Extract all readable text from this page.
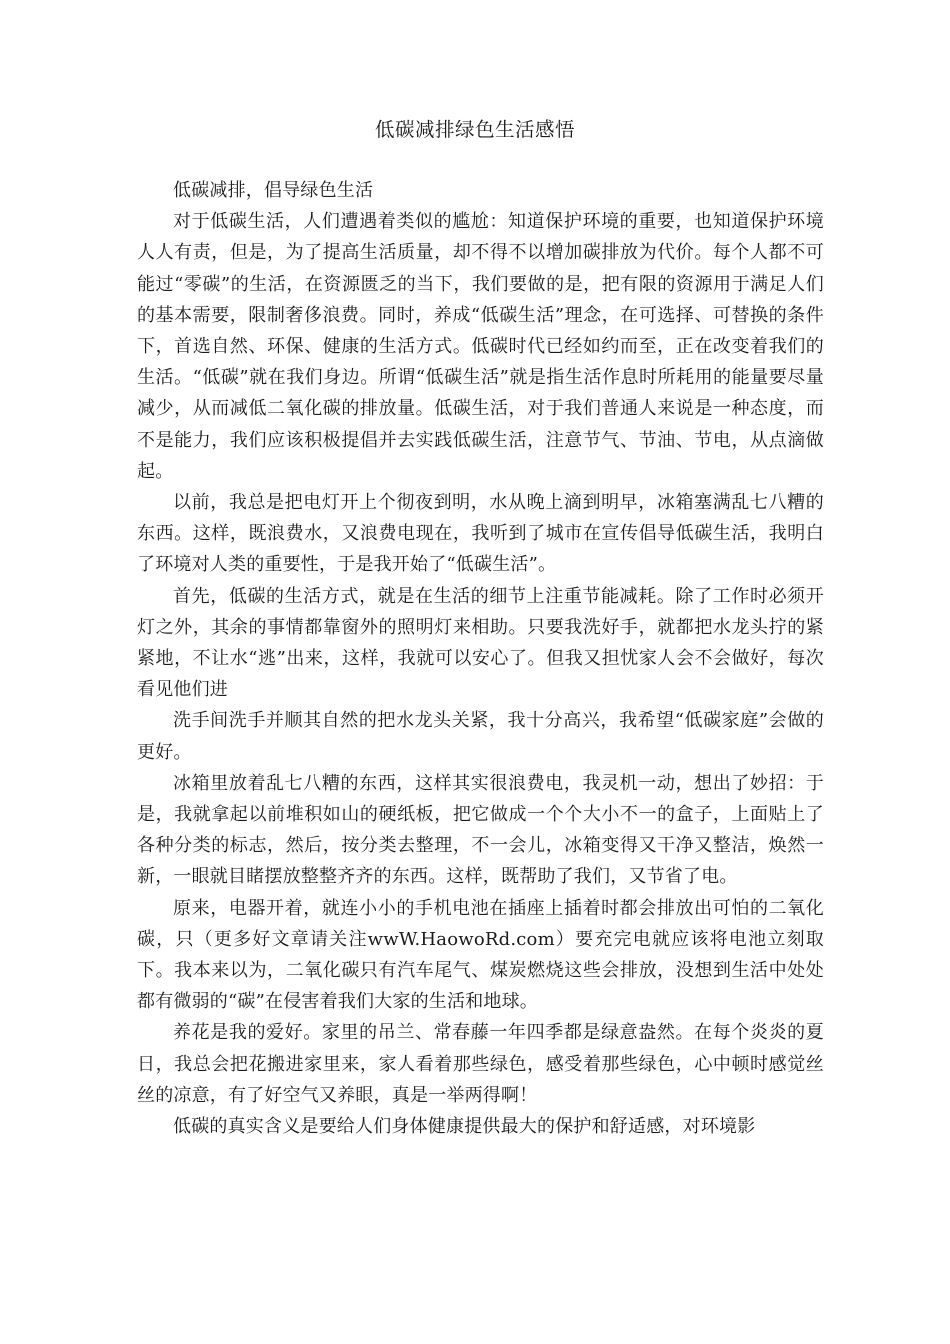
低碳减排绿色生活感悟

低碳减排，倡导绿色生活

对于低碳生活，人们遭遇着类似的尴尬：知道保护环境的重要，也知道保护环境人人有责，但是，为了提高生活质量，却不得不以增加碳排放为代价。每个人都不可能过“零碳”的生活，在资源匮乏的当下，我们要做的是，把有限的资源用于满足人们的基本需要，限制奢侈浪费。同时，养成“低碳生活”理念，在可选择、可替换的条件下，首选自然、环保、健康的生活方式。低碳时代已经如约而至，正在改变着我们的生活。“低碳”就在我们身边。所谓“低碳生活”就是指生活作息时所耗用的能量要尽量减少，从而减低二氧化碳的排放量。低碳生活，对于我们普通人来说是一种态度，而不是能力，我们应该积极提倡并去实践低碳生活，注意节气、节油、节电，从点滴做起。

以前，我总是把电灯开上个彻夜到明，水从晚上滴到明早，冰箱塞满乱七八糟的东西。这样，既浪费水，又浪费电现在，我听到了城市在宣传倡导低碳生活，我明白了环境对人类的重要性，于是我开始了“低碳生活”。

首先，低碳的生活方式，就是在生活的细节上注重节能减耗。除了工作时必须开灯之外，其余的事情都靠窗外的照明灯来相助。只要我洗好手，就都把水龙头拧的紧紧地，不让水“逃”出来，这样，我就可以安心了。但我又担忧家人会不会做好，每次看见他们进

洗手间洗手并顺其自然的把水龙头关紧，我十分高兴，我希望“低碳家庭”会做的更好。

冰箱里放着乱七八糟的东西，这样其实很浪费电，我灵机一动，想出了妙招：于是，我就拿起以前堆积如山的硬纸板，把它做成一个个大小不一的盒子，上面贴上了各种分类的标志，然后，按分类去整理，不一会儿，冰箱变得又干净又整洁，焕然一新，一眼就目睹摆放整整齐齐的东西。这样，既帮助了我们，又节省了电。

原来，电器开着，就连小小的手机电池在插座上插着时都会排放出可怕的二氧化碳，只（更多好文章请关注wwW.HaowoRd.com）要充完电就应该将电池立刻取下。我本来以为，二氧化碳只有汽车尾气、煤炭燃烧这些会排放，没想到生活中处处都有微弱的“碳”在侵害着我们大家的生活和地球。

养花是我的爱好。家里的吊兰、常春藤一年四季都是绿意盎然。在每个炎炎的夏日，我总会把花搬进家里来，家人看着那些绿色，感受着那些绿色，心中顿时感觉丝丝的凉意，有了好空气又养眼，真是一举两得啊！

低碳的真实含义是要给人们身体健康提供最大的保护和舒适感，对环境影
